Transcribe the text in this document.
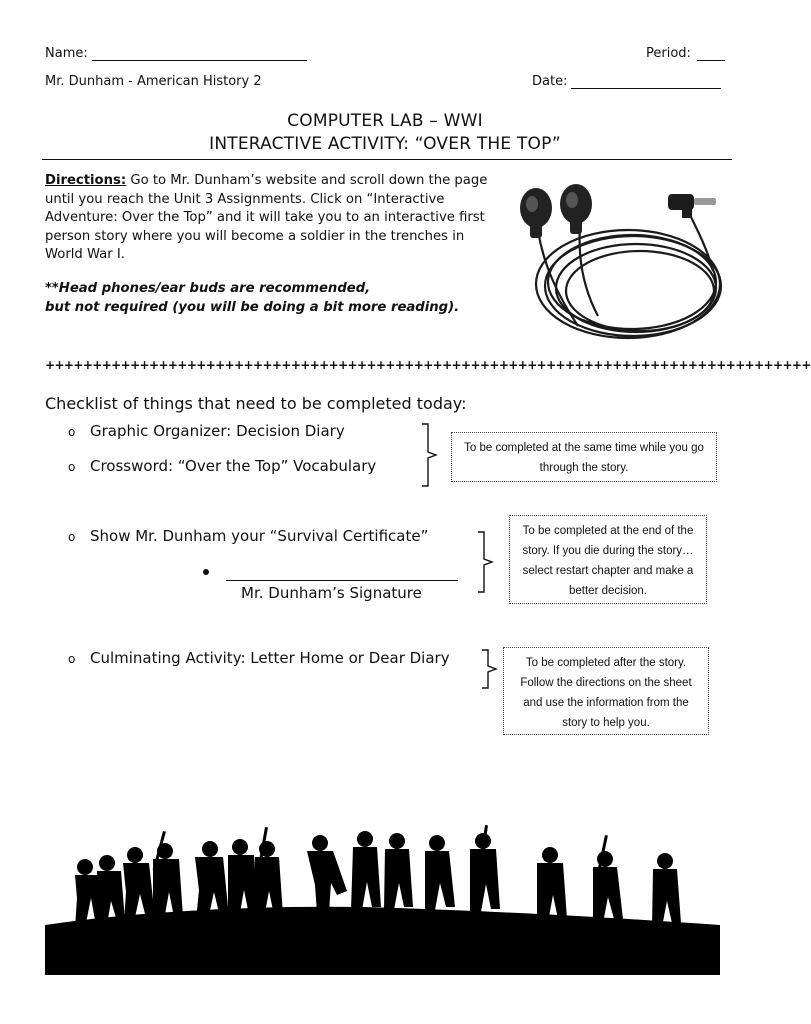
Name:	Period:
Mr. Dunham - American History 2	Date:
COMPUTER LAB – WWI
INTERACTIVE ACTIVITY: “OVER THE TOP”
Directions: Go to Mr. Dunham’s website and scroll down the page until you reach the Unit 3 Assignments. Click on “Interactive Adventure: Over the Top” and it will take you to an interactive first person story where you will become a soldier in the trenches in World War I.
**Head phones/ear buds are recommended,
but not required (you will be doing a bit more reading).
+++++++++++++++++++++++++++++++++++++++++++++++++++++++++++++++++++++++++++++++++
Checklist of things that need to be completed today:
o Graphic Organizer: Decision Diary
o Crossword: “Over the Top” Vocabulary
o Show Mr. Dunham your “Survival Certificate”
Mr. Dunham’s Signature
o Culminating Activity: Letter Home or Dear Diary
To be completed at the same time while you go through the story.
To be completed at the end of the story. If you die during the story…select restart chapter and make a better decision.
To be completed after the story. Follow the directions on the sheet and use the information from the story to help you.
